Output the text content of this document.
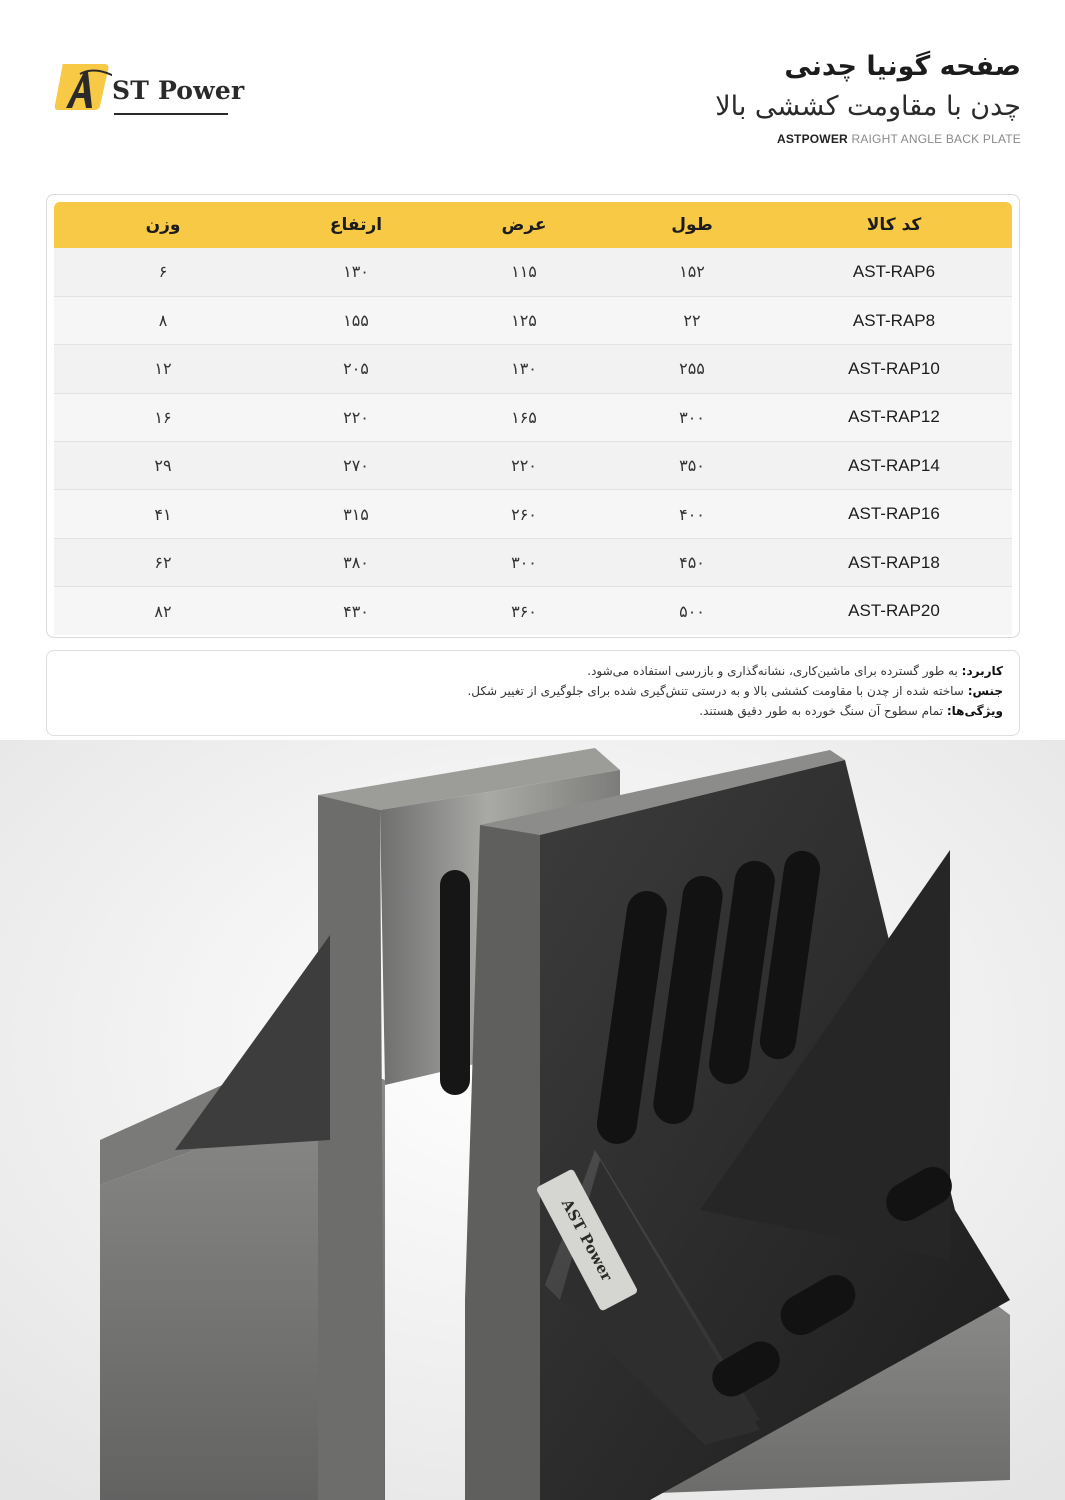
ST Power
صفحه گونیا چدنی
چدن با مقاومت کششی بالا
ASTPOWER RAIGHT ANGLE BACK PLATE
کد کالا	طول	عرض	ارتفاع	وزن
AST-RAP6	۱۵۲	۱۱۵	۱۳۰	۶
AST-RAP8	۲۲	۱۲۵	۱۵۵	۸
AST-RAP10	۲۵۵	۱۳۰	۲۰۵	۱۲
AST-RAP12	۳۰۰	۱۶۵	۲۲۰	۱۶
AST-RAP14	۳۵۰	۲۲۰	۲۷۰	۲۹
AST-RAP16	۴۰۰	۲۶۰	۳۱۵	۴۱
AST-RAP18	۴۵۰	۳۰۰	۳۸۰	۶۲
AST-RAP20	۵۰۰	۳۶۰	۴۳۰	۸۲
کاربرد: به طور گسترده برای ماشین‌کاری، نشانه‌گذاری و بازرسی استفاده می‌شود.
جنس: ساخته شده از چدن با مقاومت کششی بالا و به درستی تنش‌گیری شده برای جلوگیری از تغییر شکل.
ویژگی‌ها: تمام سطوح آن سنگ خورده به طور دقیق هستند.
AST Power
